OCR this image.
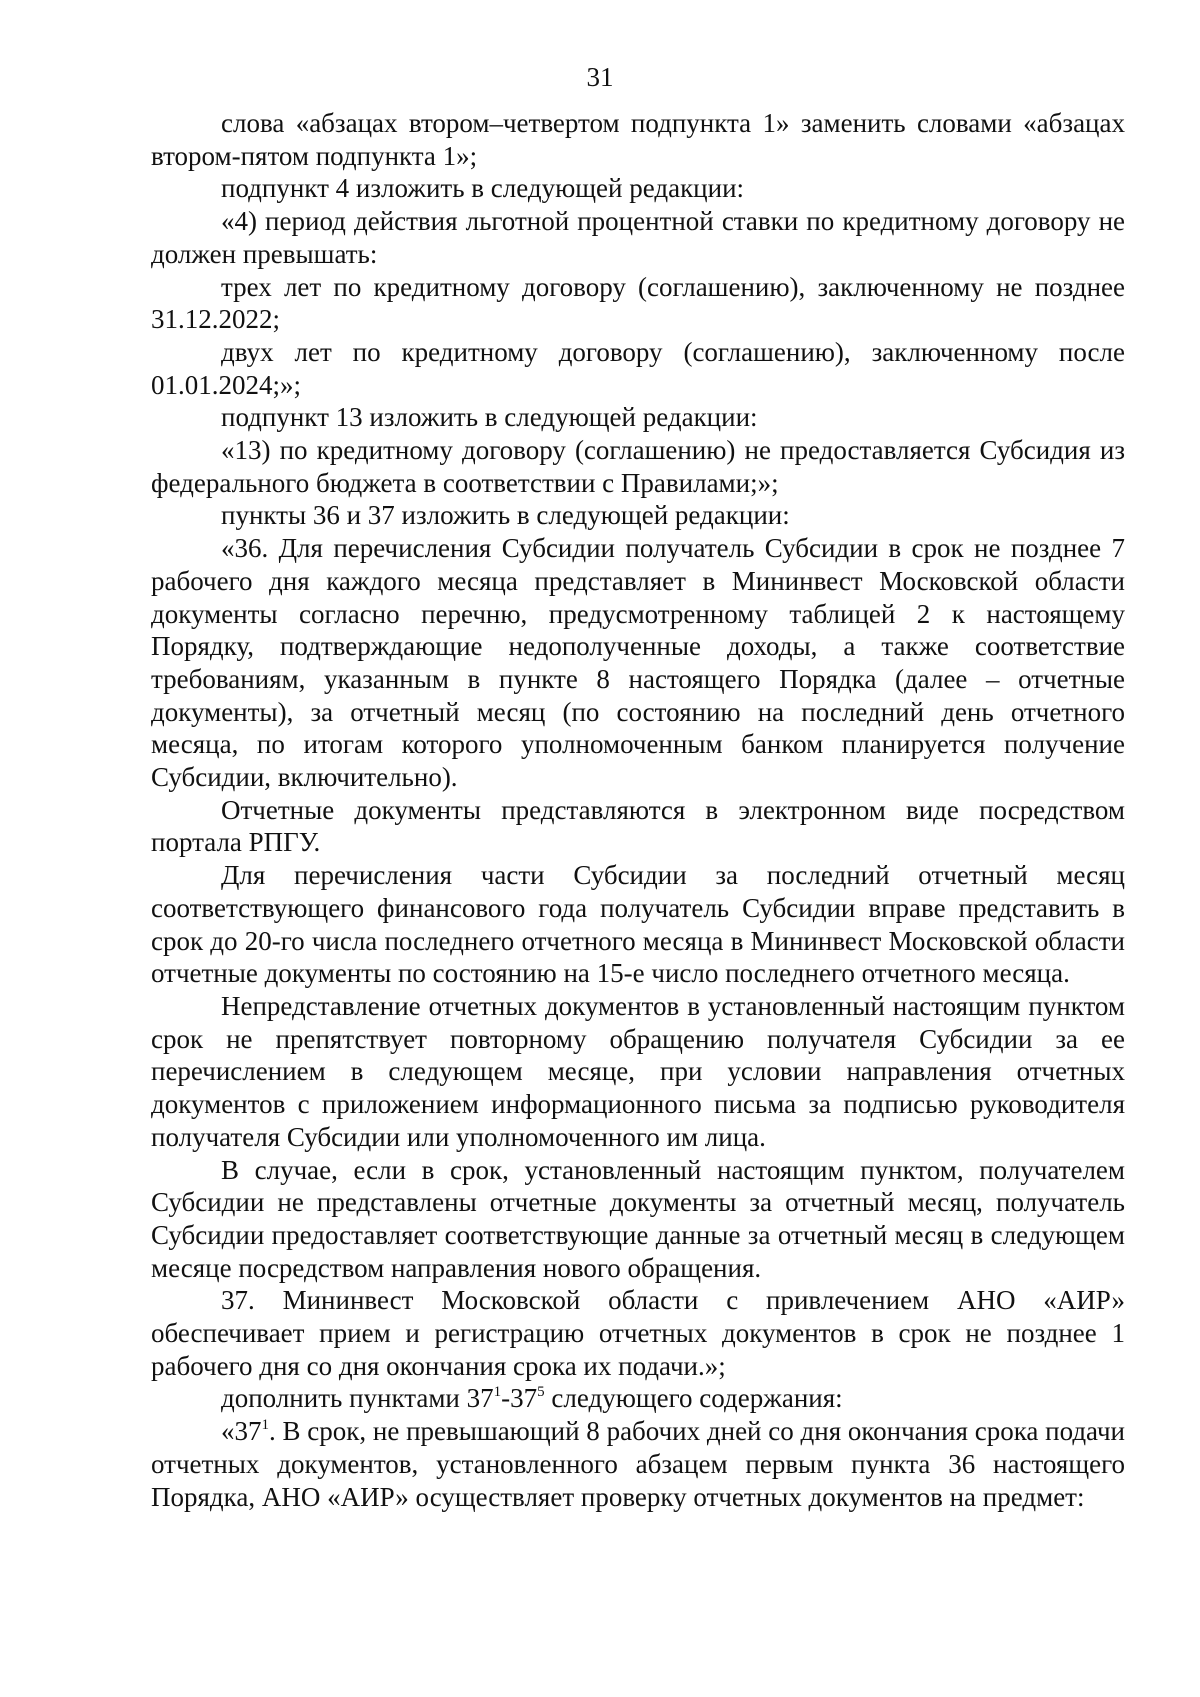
31

слова «абзацах втором–четвертом подпункта 1» заменить словами «абзацах втором-пятом подпункта 1»;

подпункт 4 изложить в следующей редакции:

«4) период действия льготной процентной ставки по кредитному договору не должен превышать:

трех лет по кредитному договору (соглашению), заключенному не позднее 31.12.2022;

двух лет по кредитному договору (соглашению), заключенному после 01.01.2024;»;

подпункт 13 изложить в следующей редакции:

«13) по кредитному договору (соглашению) не предоставляется Субсидия из федерального бюджета в соответствии с Правилами;»;

пункты 36 и 37 изложить в следующей редакции:

«36. Для перечисления Субсидии получатель Субсидии в срок не позднее 7 рабочего дня каждого месяца представляет в Мининвест Московской области документы согласно перечню, предусмотренному таблицей 2 к настоящему Порядку, подтверждающие недополученные доходы, а также соответствие требованиям, указанным в пункте 8 настоящего Порядка (далее – отчетные документы), за отчетный месяц (по состоянию на последний день отчетного месяца, по итогам которого уполномоченным банком планируется получение Субсидии, включительно).

Отчетные документы представляются в электронном виде посредством портала РПГУ.

Для перечисления части Субсидии за последний отчетный месяц соответствующего финансового года получатель Субсидии вправе представить в срок до 20-го числа последнего отчетного месяца в Мининвест Московской области отчетные документы по состоянию на 15-е число последнего отчетного месяца.

Непредставление отчетных документов в установленный настоящим пунктом срок не препятствует повторному обращению получателя Субсидии за ее перечислением в следующем месяце, при условии направления отчетных документов с приложением информационного письма за подписью руководителя получателя Субсидии или уполномоченного им лица.

В случае, если в срок, установленный настоящим пунктом, получателем Субсидии не представлены отчетные документы за отчетный месяц, получатель Субсидии предоставляет соответствующие данные за отчетный месяц в следующем месяце посредством направления нового обращения.

37. Мининвест Московской области с привлечением АНО «АИР» обеспечивает прием и регистрацию отчетных документов в срок не позднее 1 рабочего дня со дня окончания срока их подачи.»;

дополнить пунктами $37^1-37^5$ следующего содержания:

«$37^1$. В срок, не превышающий 8 рабочих дней со дня окончания срока подачи отчетных документов, установленного абзацем первым пункта 36 настоящего Порядка, АНО «АИР» осуществляет проверку отчетных документов на предмет:
